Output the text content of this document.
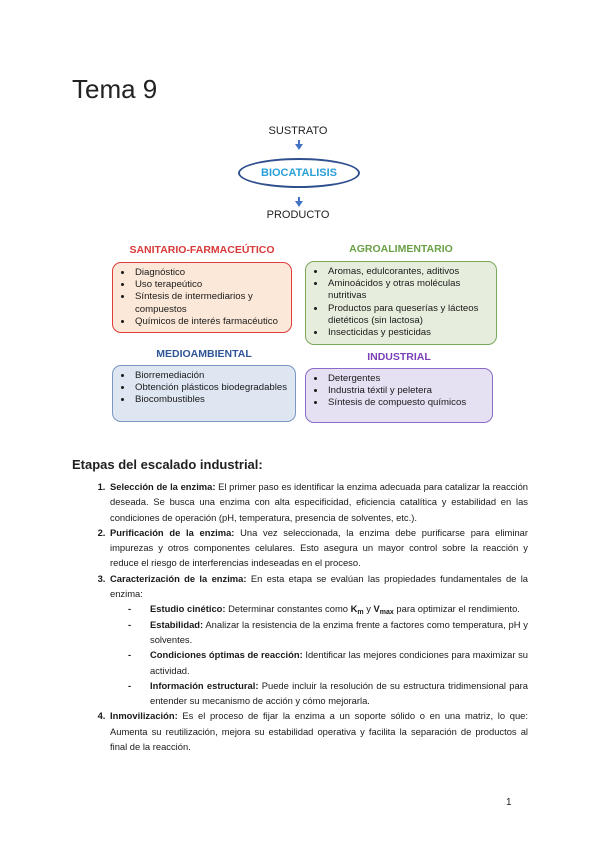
Tema 9
SUSTRATO
BIOCATALISIS
PRODUCTO
SANITARIO-FARMACEÚTICO
• Diagnóstico
• Uso terapeútico
• Síntesis de intermediarios y compuestos
• Químicos de interés farmacéutico
AGROALIMENTARIO
• Aromas, edulcorantes, aditivos
• Aminoácidos y otras moléculas nutritivas
• Productos para queserías y lácteos dietéticos (sin lactosa)
• Insecticidas y pesticidas
MEDIOAMBIENTAL
• Biorremediación
• Obtención plásticos biodegradables
• Biocombustibles
INDUSTRIAL
• Detergentes
• Industria téxtil y peletera
• Síntesis de compuesto químicos
Etapas del escalado industrial:
1. Selección de la enzima: El primer paso es identificar la enzima adecuada para catalizar la reacción deseada. Se busca una enzima con alta especificidad, eficiencia catalítica y estabilidad en las condiciones de operación (pH, temperatura, presencia de solventes, etc.).
2. Purificación de la enzima: Una vez seleccionada, la enzima debe purificarse para eliminar impurezas y otros componentes celulares. Esto asegura un mayor control sobre la reacción y reduce el riesgo de interferencias indeseadas en el proceso.
3. Caracterización de la enzima: En esta etapa se evalúan las propiedades fundamentales de la enzima:
- Estudio cinético: Determinar constantes como $K_m$ y $V_{max}$ para optimizar el rendimiento.
- Estabilidad: Analizar la resistencia de la enzima frente a factores como temperatura, pH y solventes.
- Condiciones óptimas de reacción: Identificar las mejores condiciones para maximizar su actividad.
- Información estructural: Puede incluir la resolución de su estructura tridimensional para entender su mecanismo de acción y cómo mejorarla.
4. Inmovilización: Es el proceso de fijar la enzima a un soporte sólido o en una matriz, lo que: Aumenta su reutilización, mejora su estabilidad operativa y facilita la separación de productos al final de la reacción.
1
